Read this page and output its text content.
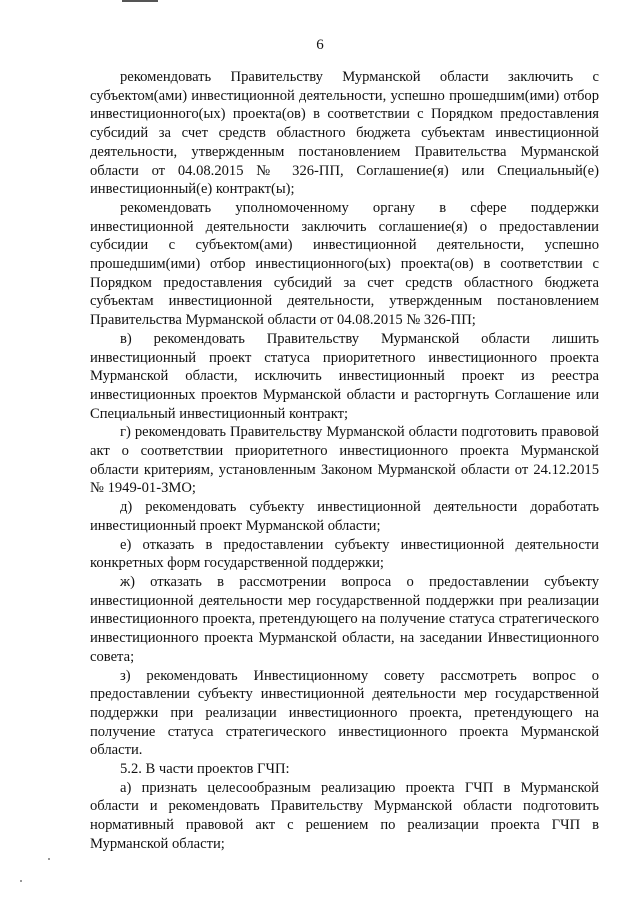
6

рекомендовать Правительству Мурманской области заключить с субъектом(ами) инвестиционной деятельности, успешно прошедшим(ими) отбор инвестиционного(ых) проекта(ов) в соответствии с Порядком предоставления субсидий за счет средств областного бюджета субъектам инвестиционной деятельности, утвержденным постановлением Правительства Мурманской области от 04.08.2015 № 326-ПП, Соглашение(я) или Специальный(е) инвестиционный(е) контракт(ы);

рекомендовать уполномоченному органу в сфере поддержки инвестиционной деятельности заключить соглашение(я) о предоставлении субсидии с субъектом(ами) инвестиционной деятельности, успешно прошедшим(ими) отбор инвестиционного(ых) проекта(ов) в соответствии с Порядком предоставления субсидий за счет средств областного бюджета субъектам инвестиционной деятельности, утвержденным постановлением Правительства Мурманской области от 04.08.2015 № 326-ПП;

в) рекомендовать Правительству Мурманской области лишить инвестиционный проект статуса приоритетного инвестиционного проекта Мурманской области, исключить инвестиционный проект из реестра инвестиционных проектов Мурманской области и расторгнуть Соглашение или Специальный инвестиционный контракт;

г) рекомендовать Правительству Мурманской области подготовить правовой акт о соответствии приоритетного инвестиционного проекта Мурманской области критериям, установленным Законом Мурманской области от 24.12.2015 № 1949-01-ЗМО;

д) рекомендовать субъекту инвестиционной деятельности доработать инвестиционный проект Мурманской области;

е) отказать в предоставлении субъекту инвестиционной деятельности конкретных форм государственной поддержки;

ж) отказать в рассмотрении вопроса о предоставлении субъекту инвестиционной деятельности мер государственной поддержки при реализации инвестиционного проекта, претендующего на получение статуса стратегического инвестиционного проекта Мурманской области, на заседании Инвестиционного совета;

з) рекомендовать Инвестиционному совету рассмотреть вопрос о предоставлении субъекту инвестиционной деятельности мер государственной поддержки при реализации инвестиционного проекта, претендующего на получение статуса стратегического инвестиционного проекта Мурманской области.

5.2. В части проектов ГЧП:

а) признать целесообразным реализацию проекта ГЧП в Мурманской области и рекомендовать Правительству Мурманской области подготовить нормативный правовой акт с решением по реализации проекта ГЧП в Мурманской области;
